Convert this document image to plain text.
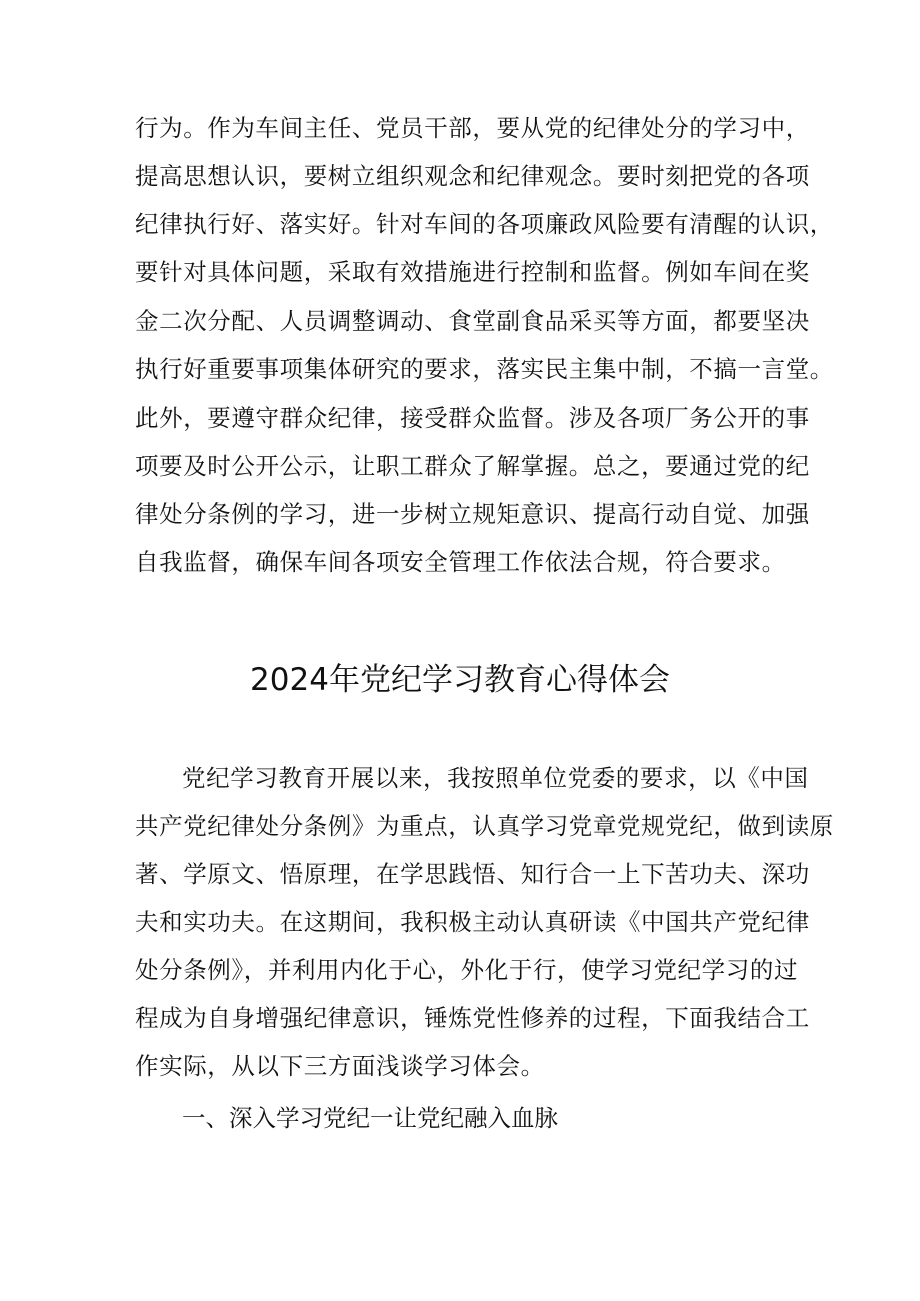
行为。作为车间主任、党员干部，要从党的纪律处分的学习中，
提高思想认识，要树立组织观念和纪律观念。要时刻把党的各项
纪律执行好、落实好。针对车间的各项廉政风险要有清醒的认识，
要针对具体问题，采取有效措施进行控制和监督。例如车间在奖
金二次分配、人员调整调动、食堂副食品采买等方面，都要坚决
执行好重要事项集体研究的要求，落实民主集中制，不搞一言堂。
此外，要遵守群众纪律，接受群众监督。涉及各项厂务公开的事
项要及时公开公示，让职工群众了解掌握。总之，要通过党的纪
律处分条例的学习，进一步树立规矩意识、提高行动自觉、加强
自我监督，确保车间各项安全管理工作依法合规，符合要求。
2024年党纪学习教育心得体会
党纪学习教育开展以来，我按照单位党委的要求，以《中国
共产党纪律处分条例》为重点，认真学习党章党规党纪，做到读原
著、学原文、悟原理，在学思践悟、知行合一上下苦功夫、深功
夫和实功夫。在这期间，我积极主动认真研读《中国共产党纪律
处分条例》，并利用内化于心，外化于行，使学习党纪学习的过
程成为自身增强纪律意识，锤炼党性修养的过程，下面我结合工
作实际，从以下三方面浅谈学习体会。
一、深入学习党纪一让党纪融入血脉
